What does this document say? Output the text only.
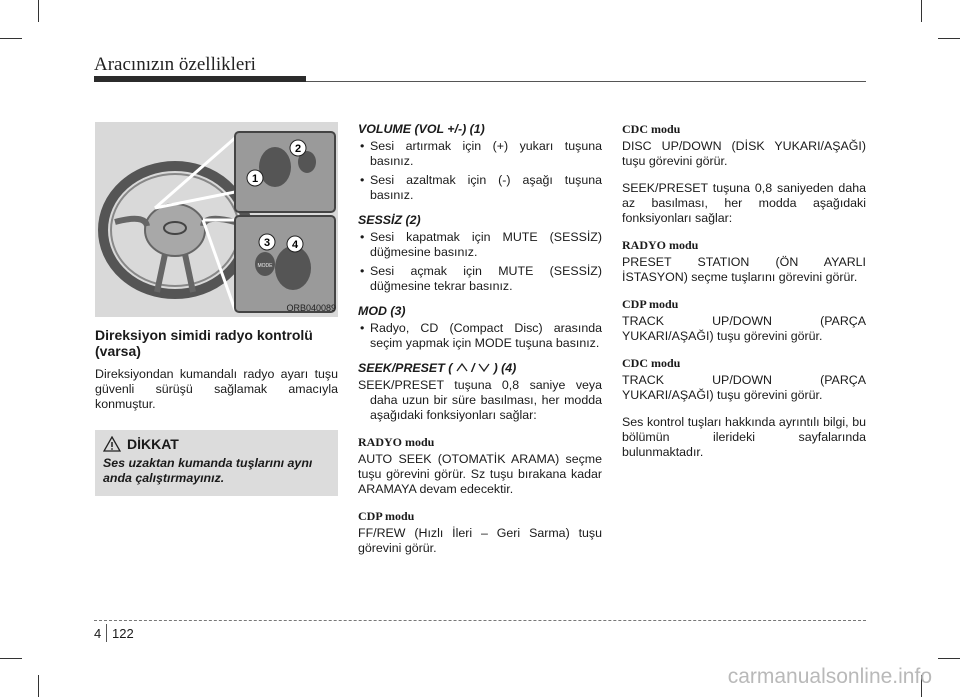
Aracınızın özellikleri
1
2
3 4
MODE
ORB040089
Direksiyon simidi radyo kontrolü (varsa)

Direksiyondan kumandalı radyo ayarı tuşu güvenli sürüşü sağlamak amacıyla konmuştur.

DİKKAT
Ses uzaktan kumanda tuşlarını aynı anda çalıştırmayınız.
VOLUME (VOL +/-) (1)
• Sesi artırmak için (+) yukarı tuşuna basınız.
• Sesi azaltmak için (-) aşağı tuşuna basınız.
SESSİZ (2)
• Sesi kapatmak için MUTE (SESSİZ) düğmesine basınız.
• Sesi açmak için MUTE (SESSİZ) düğmesine tekrar basınız.
MOD (3)
• Radyo, CD (Compact Disc) arasında seçim yapmak için MODE tuşuna basınız.
SEEK/PRESET ( / ) (4)

SEEK/PRESET tuşuna 0,8 saniye veya daha uzun bir süre basılması, her modda aşağıdaki fonksiyonları sağlar:

RADYO modu

AUTO SEEK (OTOMATİK ARAMA) seçme tuşu görevini görür. Sz tuşu bırakana kadar ARAMAYA devam edecektir.

CDP modu

FF/REW (Hızlı İleri – Geri Sarma) tuşu görevini görür.

CDC modu

DISC UP/DOWN (DİSK YUKARI/AŞAĞI) tuşu görevini görür.

SEEK/PRESET tuşuna 0,8 saniyeden daha az basılması, her modda aşağıdaki fonksiyonları sağlar:

RADYO modu

PRESET STATION (ÖN AYARLI İSTASYON) seçme tuşlarını görevini görür.

CDP modu

TRACK UP/DOWN (PARÇA YUKARI/AŞAĞI) tuşu görevini görür.

CDC modu

TRACK UP/DOWN (PARÇA YUKARI/AŞAĞI) tuşu görevini görür.

Ses kontrol tuşları hakkında ayrıntılı bilgi, bu bölümün ilerideki sayfalarında bulunmaktadır.

4 122
carmanualsonline.info
